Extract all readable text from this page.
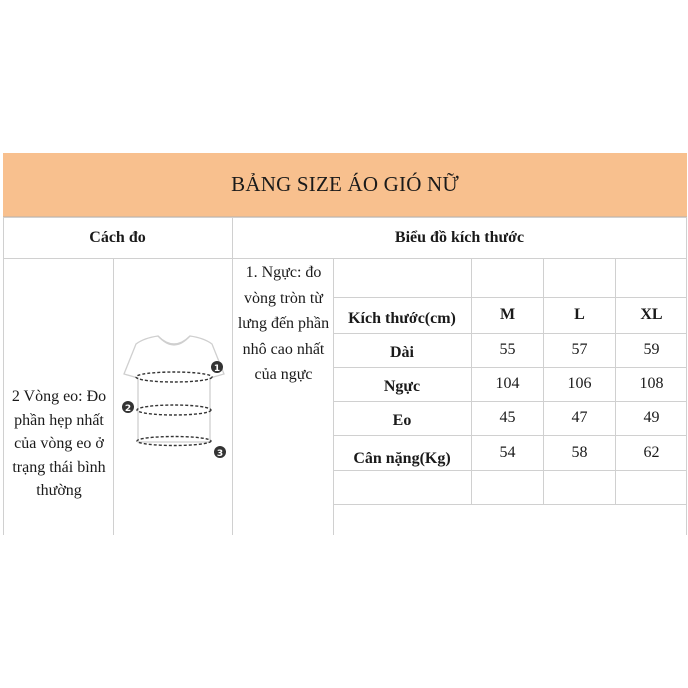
BẢNG SIZE ÁO GIÓ NỮ
Cách đo	Biểu đồ kích thước
2 Vòng eo: Đo phần hẹp nhất của vòng eo ở trạng thái bình thường
1. Ngực: đo vòng tròn từ lưng đến phần nhô cao nhất của ngực
1
2
3
Kích thước(cm)	M	L	XL
Dài	55	57	59
Ngực	104	106	108
Eo	45	47	49
Cân nặng(Kg)	54	58	62
